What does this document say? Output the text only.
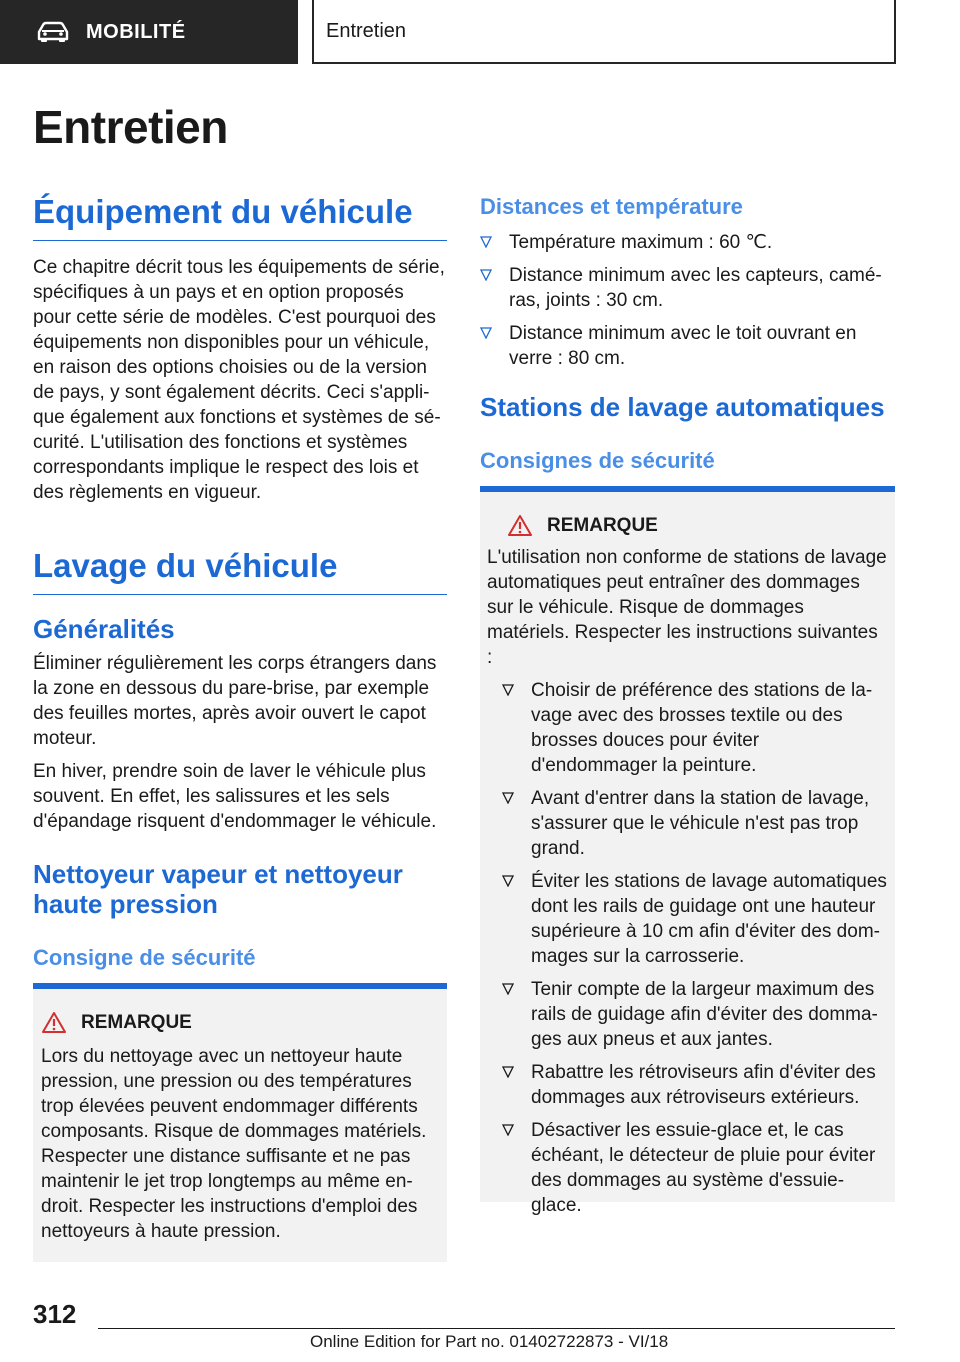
MOBILITÉ	Entretien
Entretien
Équipement du véhicule

Ce chapitre décrit tous les équipements de série, spécifiques à un pays et en option proposés pour cette série de modèles. C'est pourquoi des équipements non disponibles pour un véhicule, en raison des options choisies ou de la version de pays, y sont également décrits. Ceci s'applique également aux fonctions et systèmes de sécurité. L'utilisation des fonctions et systèmes correspondants implique le respect des lois et des règlements en vigueur.

Lavage du véhicule
Généralités

Éliminer régulièrement les corps étrangers dans la zone en dessous du pare-brise, par exemple des feuilles mortes, après avoir ouvert le capot moteur.

En hiver, prendre soin de laver le véhicule plus souvent. En effet, les salissures et les sels d'épandage risquent d'endommager le véhicule.

Nettoyeur vapeur et nettoyeur haute pression
Consigne de sécurité
REMARQUE

Lors du nettoyage avec un nettoyeur haute pression, une pression ou des températures trop élevées peuvent endommager différents composants. Risque de dommages matériels. Respecter une distance suffisante et ne pas maintenir le jet trop longtemps au même endroit. Respecter les instructions d'emploi des nettoyeurs à haute pression.

Distances et température
Température maximum : 60 ℃.
Distance minimum avec les capteurs, caméras, joints : 30 cm.
Distance minimum avec le toit ouvrant en verre : 80 cm.
Stations de lavage automatiques
Consignes de sécurité
REMARQUE

L'utilisation non conforme de stations de lavage automatiques peut entraîner des dommages sur le véhicule. Risque de dommages matériels. Respecter les instructions suivantes :

Choisir de préférence des stations de lavage avec des brosses textile ou des brosses douces pour éviter d'endommager la peinture.
Avant d'entrer dans la station de lavage, s'assurer que le véhicule n'est pas trop grand.
Éviter les stations de lavage automatiques dont les rails de guidage ont une hauteur supérieure à 10 cm afin d'éviter des dommages sur la carrosserie.
Tenir compte de la largeur maximum des rails de guidage afin d'éviter des dommages aux pneus et aux jantes.
Rabattre les rétroviseurs afin d'éviter des dommages aux rétroviseurs extérieurs.
Désactiver les essuie-glace et, le cas échéant, le détecteur de pluie pour éviter des dommages au système d'essuie-glace.
312
Online Edition for Part no. 01402722873 - VI/18
